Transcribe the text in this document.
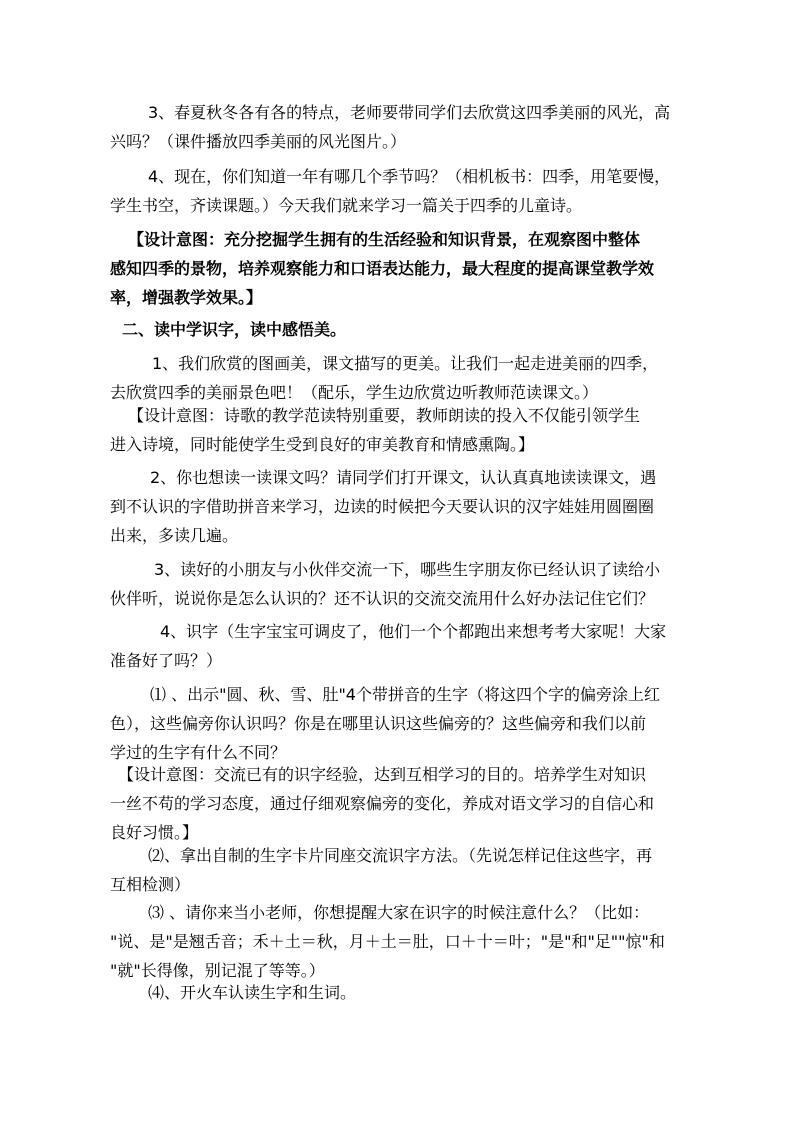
3、春夏秋冬各有各的特点，老师要带同学们去欣赏这四季美丽的风光，高
兴吗？（课件播放四季美丽的风光图片。）
4、现在，你们知道一年有哪几个季节吗？（相机板书：四季，用笔要慢，
学生书空，齐读课题。）今天我们就来学习一篇关于四季的儿童诗。
【设计意图：充分挖掘学生拥有的生活经验和知识背景，在观察图中整体
感知四季的景物，培养观察能力和口语表达能力，最大程度的提高课堂教学效
率，增强教学效果。】
二、读中学识字，读中感悟美。
1、我们欣赏的图画美，课文描写的更美。让我们一起走进美丽的四季，
去欣赏四季的美丽景色吧！（配乐，学生边欣赏边听教师范读课文。）
【设计意图：诗歌的教学范读特别重要，教师朗读的投入不仅能引领学生
进入诗境，同时能使学生受到良好的审美教育和情感熏陶。】
2、你也想读一读课文吗？请同学们打开课文，认认真真地读读课文，遇
到不认识的字借助拼音来学习，边读的时候把今天要认识的汉字娃娃用圆圈圈
出来，多读几遍。
3、读好的小朋友与小伙伴交流一下，哪些生字朋友你已经认识了读给小
伙伴听，说说你是怎么认识的？还不认识的交流交流用什么好办法记住它们？
4、识字（生字宝宝可调皮了，他们一个个都跑出来想考考大家呢！大家
准备好了吗？）
⑴ 、出示"圆、秋、雪、肚"4个带拼音的生字（将这四个字的偏旁涂上红
色），这些偏旁你认识吗？你是在哪里认识这些偏旁的？这些偏旁和我们以前
学过的生字有什么不同？
【设计意图：交流已有的识字经验，达到互相学习的目的。培养学生对知识
一丝不苟的学习态度，通过仔细观察偏旁的变化，养成对语文学习的自信心和
良好习惯。】
⑵、拿出自制的生字卡片同座交流识字方法。（先说怎样记住这些字，再
互相检测）
⑶ 、请你来当小老师，你想提醒大家在识字的时候注意什么？（比如：
"说、是"是翘舌音；禾＋土＝秋，月＋土＝肚，口＋十＝叶；"是"和"足""惊"和
"就"长得像，别记混了等等。）
⑷、开火车认读生字和生词。
